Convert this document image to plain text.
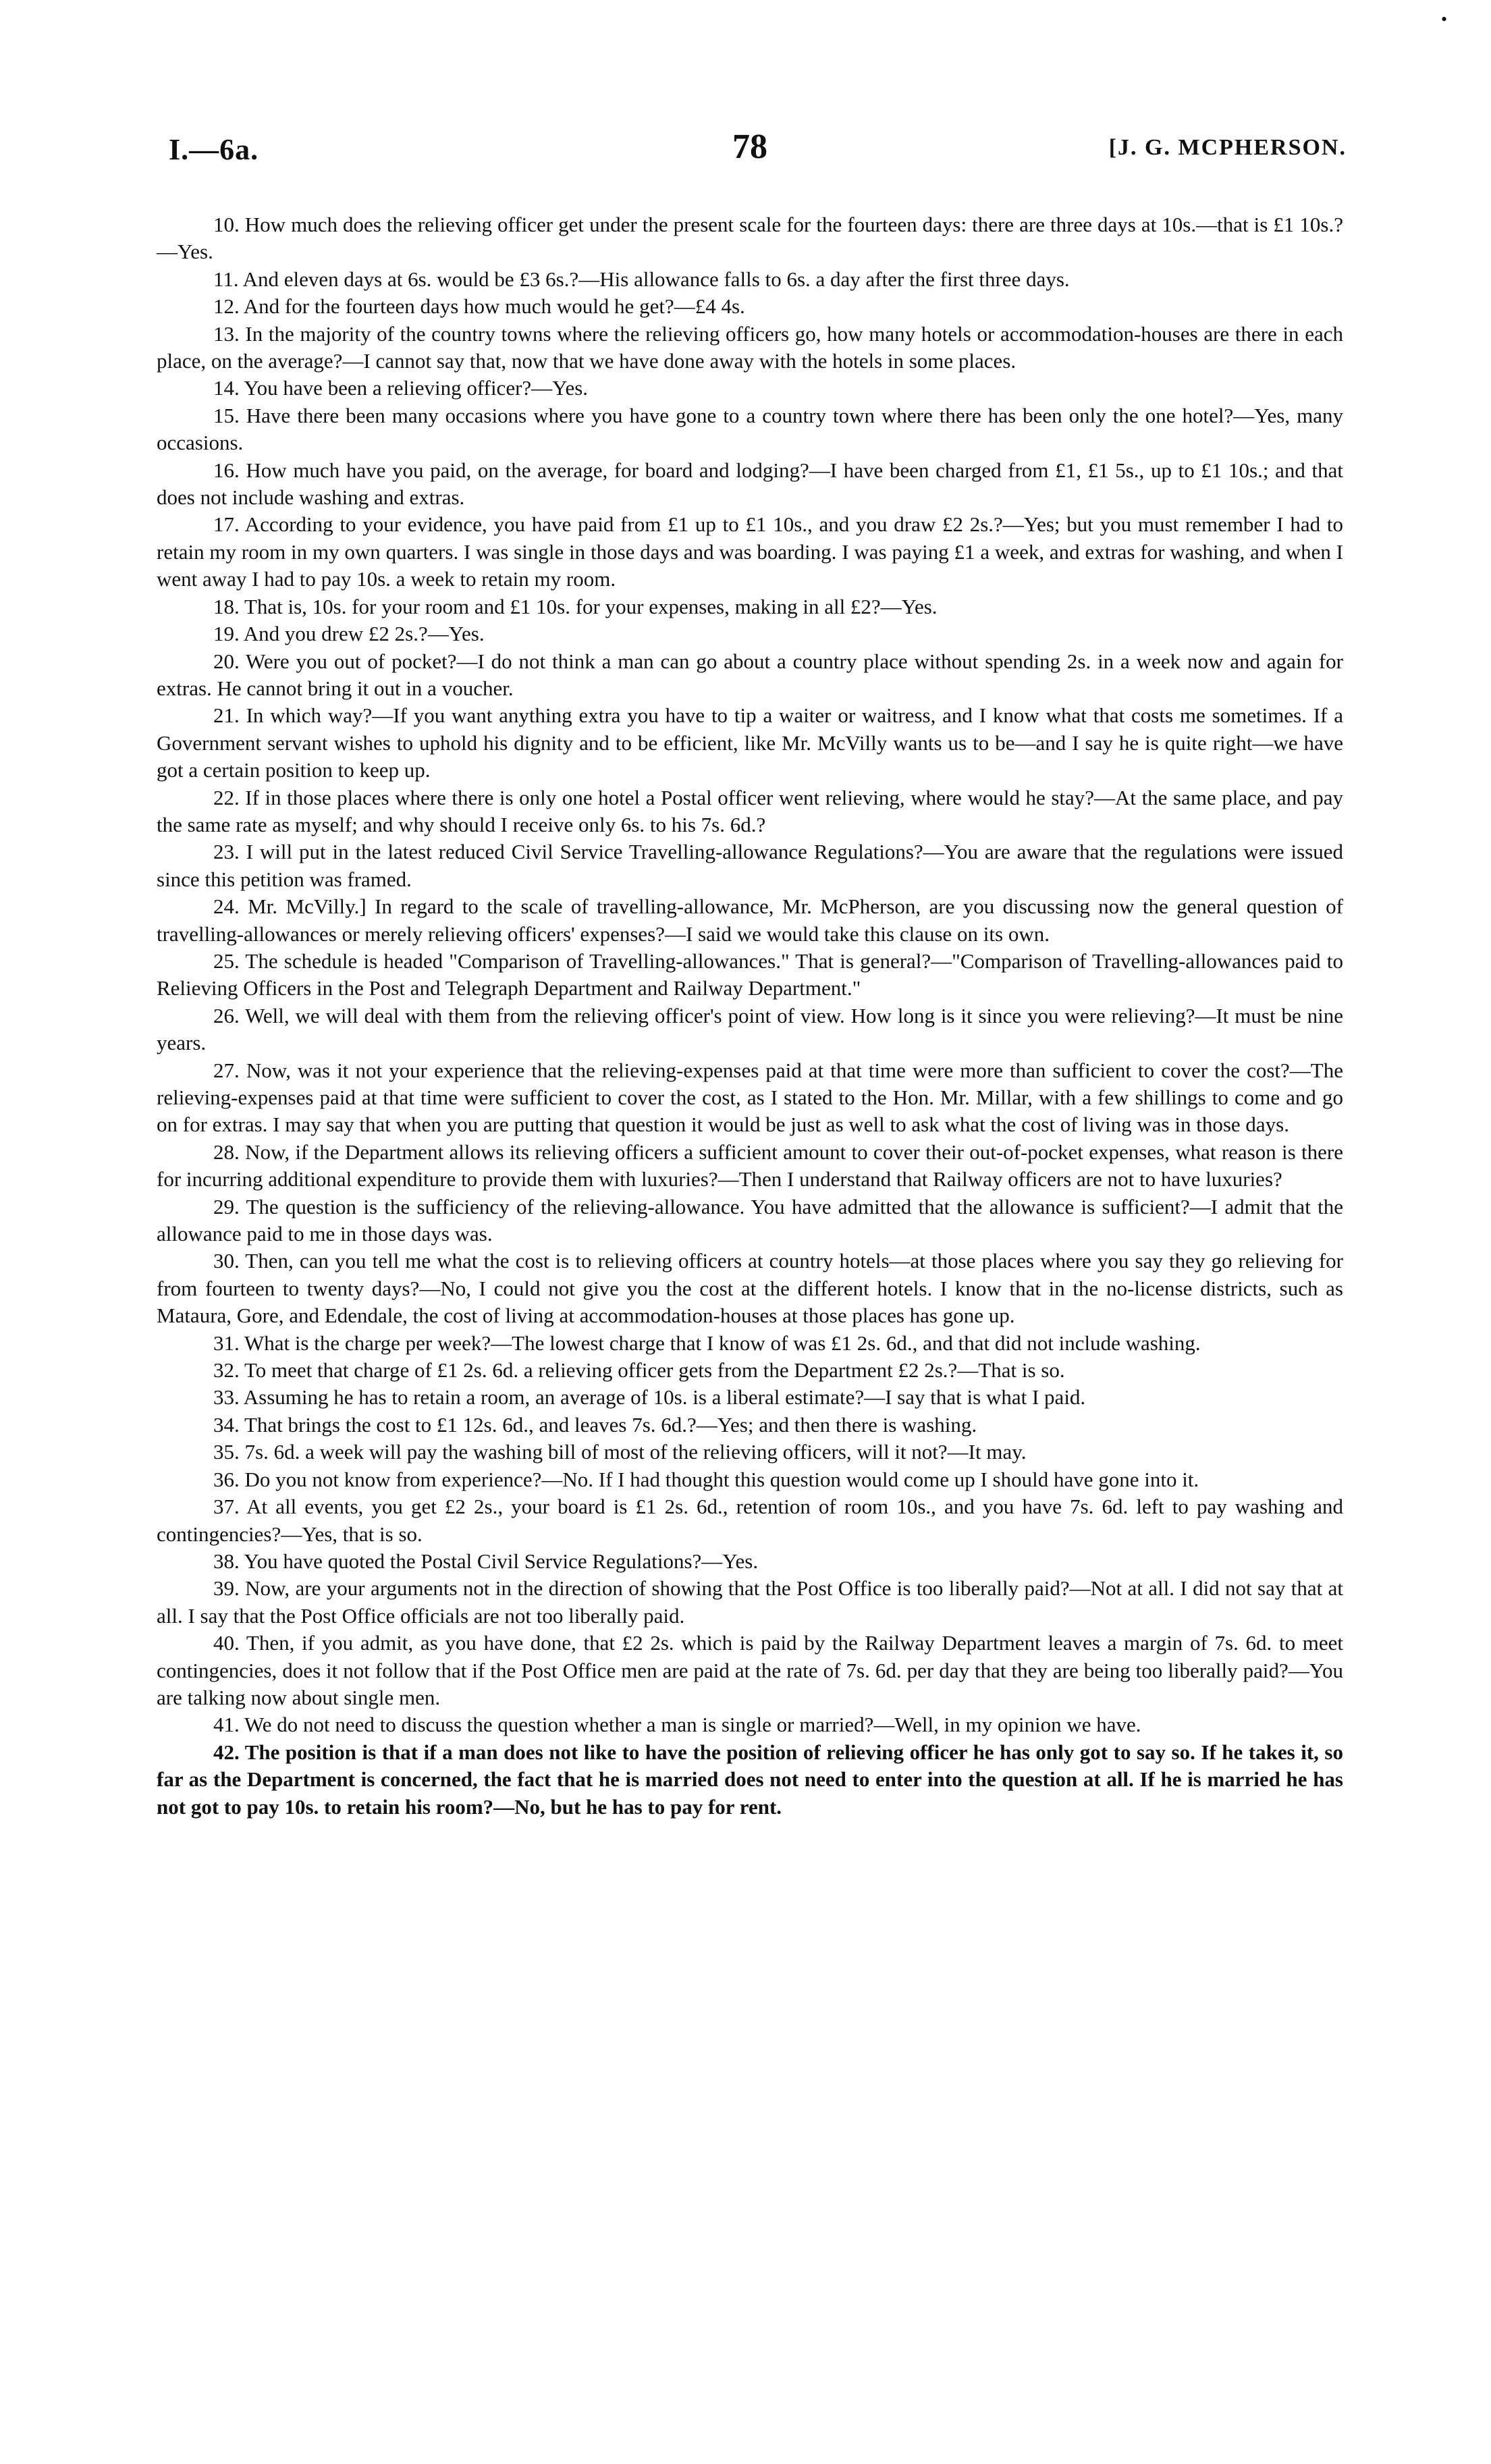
•
I.—6a.	78	[J. G. MCPHERSON.

10. How much does the relieving officer get under the present scale for the fourteen days: there are three days at 10s.—that is £1 10s.?—Yes.

11. And eleven days at 6s. would be £3 6s.?—His allowance falls to 6s. a day after the first three days.

12. And for the fourteen days how much would he get?—£4 4s.

13. In the majority of the country towns where the relieving officers go, how many hotels or accommodation-houses are there in each place, on the average?—I cannot say that, now that we have done away with the hotels in some places.

14. You have been a relieving officer?—Yes.

15. Have there been many occasions where you have gone to a country town where there has been only the one hotel?—Yes, many occasions.

16. How much have you paid, on the average, for board and lodging?—I have been charged from £1, £1 5s., up to £1 10s.; and that does not include washing and extras.

17. According to your evidence, you have paid from £1 up to £1 10s., and you draw £2 2s.?—Yes; but you must remember I had to retain my room in my own quarters. I was single in those days and was boarding. I was paying £1 a week, and extras for washing, and when I went away I had to pay 10s. a week to retain my room.

18. That is, 10s. for your room and £1 10s. for your expenses, making in all £2?—Yes.

19. And you drew £2 2s.?—Yes.

20. Were you out of pocket?—I do not think a man can go about a country place without spending 2s. in a week now and again for extras. He cannot bring it out in a voucher.

21. In which way?—If you want anything extra you have to tip a waiter or waitress, and I know what that costs me sometimes. If a Government servant wishes to uphold his dignity and to be efficient, like Mr. McVilly wants us to be—and I say he is quite right—we have got a certain position to keep up.

22. If in those places where there is only one hotel a Postal officer went relieving, where would he stay?—At the same place, and pay the same rate as myself; and why should I receive only 6s. to his 7s. 6d.?

23. I will put in the latest reduced Civil Service Travelling-allowance Regulations?—You are aware that the regulations were issued since this petition was framed.

24. Mr. McVilly.] In regard to the scale of travelling-allowance, Mr. McPherson, are you discussing now the general question of travelling-allowances or merely relieving officers' expenses?—I said we would take this clause on its own.

25. The schedule is headed "Comparison of Travelling-allowances." That is general?—"Comparison of Travelling-allowances paid to Relieving Officers in the Post and Telegraph Department and Railway Department."

26. Well, we will deal with them from the relieving officer's point of view. How long is it since you were relieving?—It must be nine years.

27. Now, was it not your experience that the relieving-expenses paid at that time were more than sufficient to cover the cost?—The relieving-expenses paid at that time were sufficient to cover the cost, as I stated to the Hon. Mr. Millar, with a few shillings to come and go on for extras. I may say that when you are putting that question it would be just as well to ask what the cost of living was in those days.

28. Now, if the Department allows its relieving officers a sufficient amount to cover their out-of-pocket expenses, what reason is there for incurring additional expenditure to provide them with luxuries?—Then I understand that Railway officers are not to have luxuries?

29. The question is the sufficiency of the relieving-allowance. You have admitted that the allowance is sufficient?—I admit that the allowance paid to me in those days was.

30. Then, can you tell me what the cost is to relieving officers at country hotels—at those places where you say they go relieving for from fourteen to twenty days?—No, I could not give you the cost at the different hotels. I know that in the no-license districts, such as Mataura, Gore, and Edendale, the cost of living at accommodation-houses at those places has gone up.

31. What is the charge per week?—The lowest charge that I know of was £1 2s. 6d., and that did not include washing.

32. To meet that charge of £1 2s. 6d. a relieving officer gets from the Department £2 2s.?—That is so.

33. Assuming he has to retain a room, an average of 10s. is a liberal estimate?—I say that is what I paid.

34. That brings the cost to £1 12s. 6d., and leaves 7s. 6d.?—Yes; and then there is washing.

35. 7s. 6d. a week will pay the washing bill of most of the relieving officers, will it not?—It may.

36. Do you not know from experience?—No. If I had thought this question would come up I should have gone into it.

37. At all events, you get £2 2s., your board is £1 2s. 6d., retention of room 10s., and you have 7s. 6d. left to pay washing and contingencies?—Yes, that is so.

38. You have quoted the Postal Civil Service Regulations?—Yes.

39. Now, are your arguments not in the direction of showing that the Post Office is too liberally paid?—Not at all. I did not say that at all. I say that the Post Office officials are not too liberally paid.

40. Then, if you admit, as you have done, that £2 2s. which is paid by the Railway Department leaves a margin of 7s. 6d. to meet contingencies, does it not follow that if the Post Office men are paid at the rate of 7s. 6d. per day that they are being too liberally paid?—You are talking now about single men.

41. We do not need to discuss the question whether a man is single or married?—Well, in my opinion we have.

42. The position is that if a man does not like to have the position of relieving officer he has only got to say so. If he takes it, so far as the Department is concerned, the fact that he is married does not need to enter into the question at all. If he is married he has not got to pay 10s. to retain his room?—No, but he has to pay for rent.
